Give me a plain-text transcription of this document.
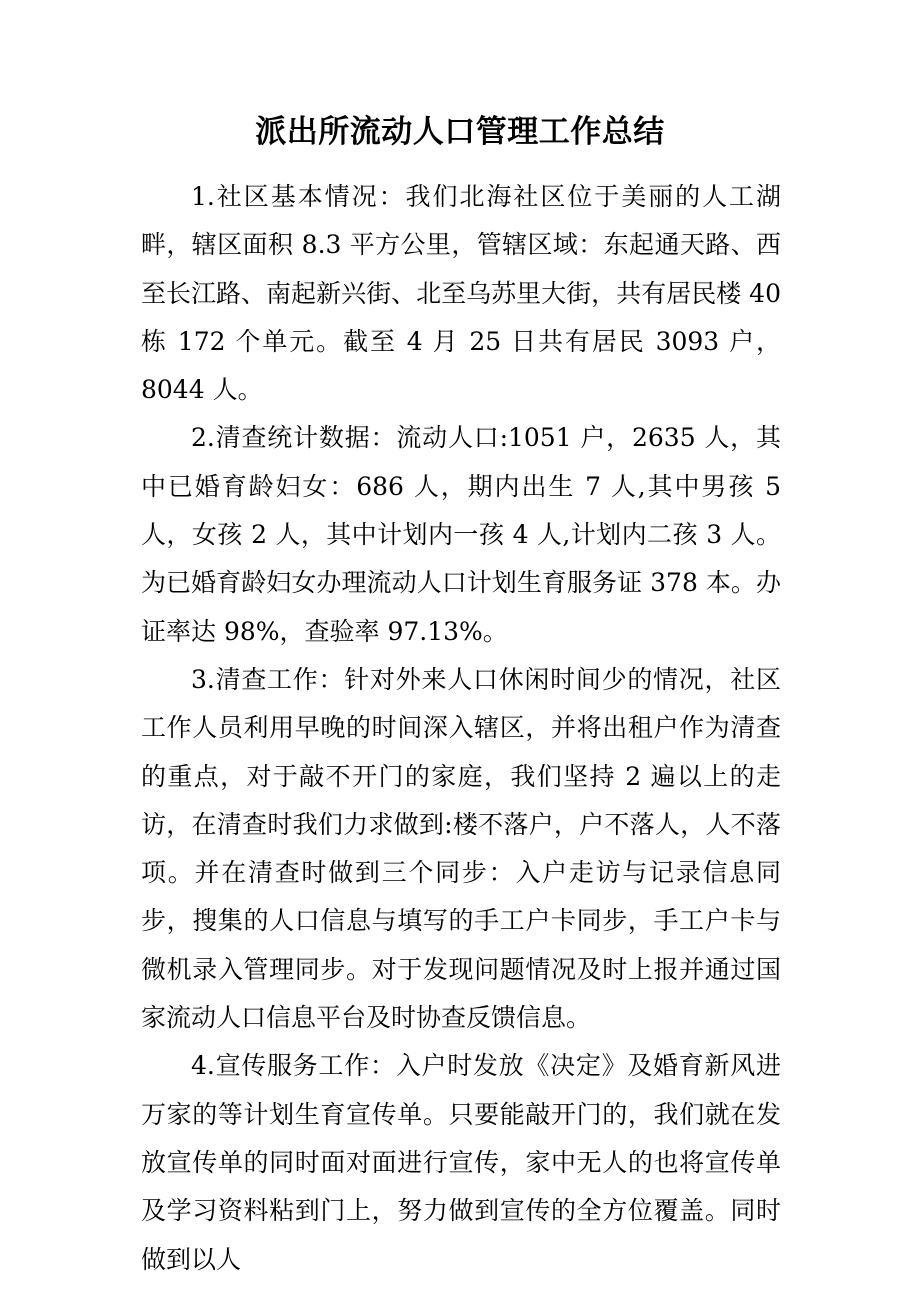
派出所流动人口管理工作总结

1.社区基本情况：我们北海社区位于美丽的人工湖畔，辖区面积 8.3 平方公里，管辖区域：东起通天路、西至长江路、南起新兴街、北至乌苏里大街，共有居民楼 40 栋 172 个单元。截至 4 月 25 日共有居民 3093 户，8044 人。

2.清查统计数据：流动人口:1051 户，2635 人，其中已婚育龄妇女：686 人，期内出生 7 人,其中男孩 5 人，女孩 2 人，其中计划内一孩 4 人,计划内二孩 3 人。为已婚育龄妇女办理流动人口计划生育服务证 378 本。办证率达 98%，查验率 97.13%。

3.清查工作：针对外来人口休闲时间少的情况，社区工作人员利用早晚的时间深入辖区，并将出租户作为清查的重点，对于敲不开门的家庭，我们坚持 2 遍以上的走访，在清查时我们力求做到:楼不落户，户不落人，人不落项。并在清查时做到三个同步：入户走访与记录信息同步，搜集的人口信息与填写的手工户卡同步，手工户卡与微机录入管理同步。对于发现问题情况及时上报并通过国家流动人口信息平台及时协查反馈信息。

4.宣传服务工作：入户时发放《决定》及婚育新风进万家的等计划生育宣传单。只要能敲开门的，我们就在发放宣传单的同时面对面进行宣传，家中无人的也将宣传单及学习资料粘到门上，努力做到宣传的全方位覆盖。同时做到以人
